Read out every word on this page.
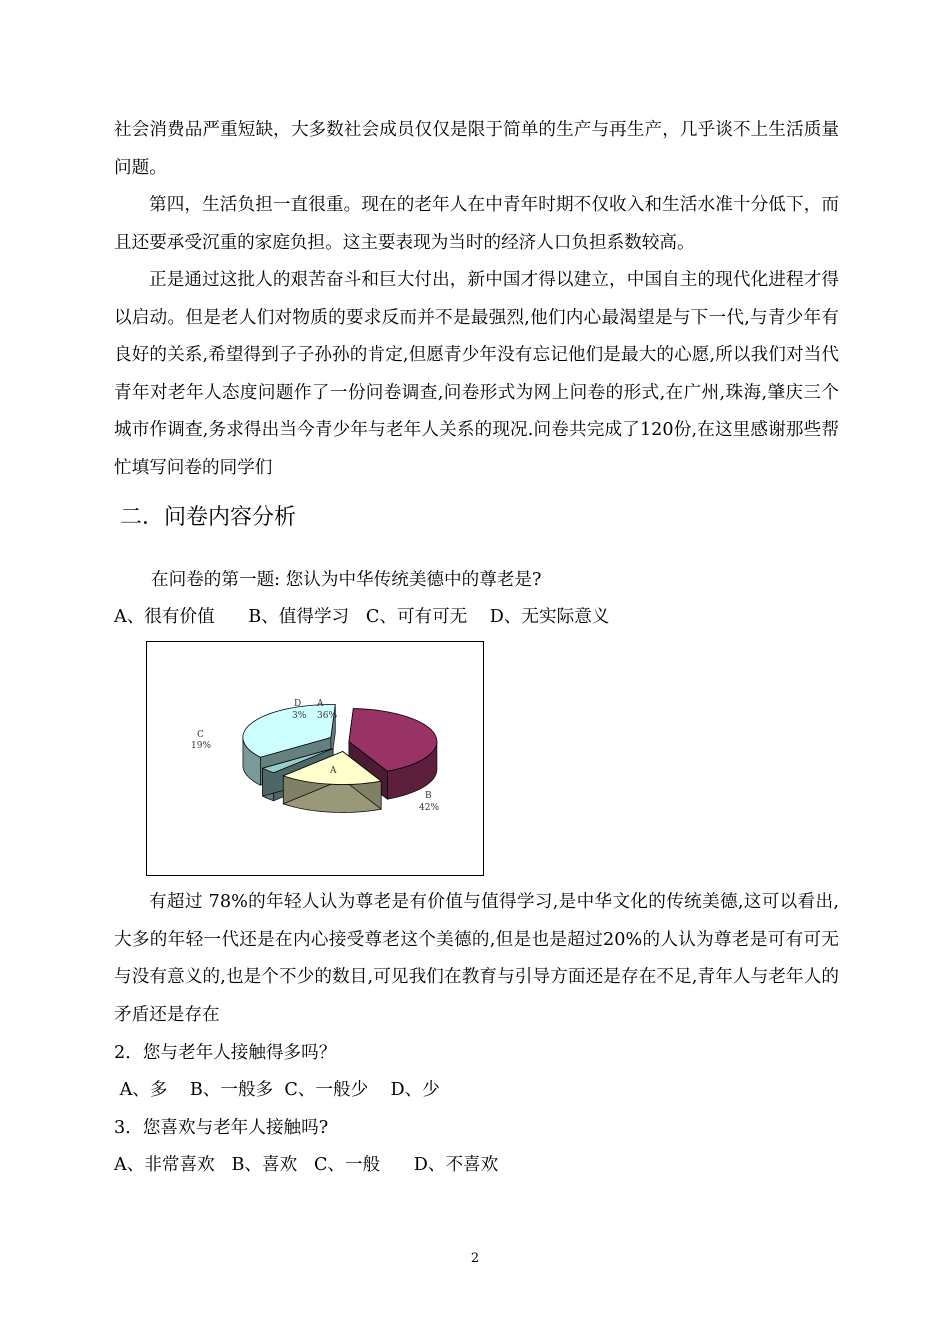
社会消费品严重短缺，大多数社会成员仅仅是限于简单的生产与再生产，几乎谈不上生活质量问题。

第四，生活负担一直很重。现在的老年人在中青年时期不仅收入和生活水准十分低下，而且还要承受沉重的家庭负担。这主要表现为当时的经济人口负担系数较高。

正是通过这批人的艰苦奋斗和巨大付出，新中国才得以建立，中国自主的现代化进程才得以启动。但是老人们对物质的要求反而并不是最强烈,他们内心最渴望是与下一代,与青少年有良好的关系,希望得到子子孙孙的肯定,但愿青少年没有忘记他们是最大的心愿,所以我们对当代青年对老年人态度问题作了一份问卷调查,问卷形式为网上问卷的形式,在广州,珠海,肇庆三个城市作调查,务求得出当今青少年与老年人关系的现况.问卷共完成了120份,在这里感谢那些帮忙填写问卷的同学们

二．问卷内容分析

在问卷的第一题: 您认为中华传统美德中的尊老是?

A、很有价值      B、值得学习   C、可有可无    D、无实际意义

A
36%
B
42%
C
19%
D
3%
A

有超过 78%的年轻人认为尊老是有价值与值得学习,是中华文化的传统美德,这可以看出,大多的年轻一代还是在内心接受尊老这个美德的,但是也是超过20%的人认为尊老是可有可无与没有意义的,也是个不少的数目,可见我们在教育与引导方面还是存在不足,青年人与老年人的矛盾还是存在

2．您与老年人接触得多吗？

A、多    B、一般多  C、一般少    D、少

3．您喜欢与老年人接触吗?

A、非常喜欢   B、喜欢   C、一般      D、不喜欢

2
